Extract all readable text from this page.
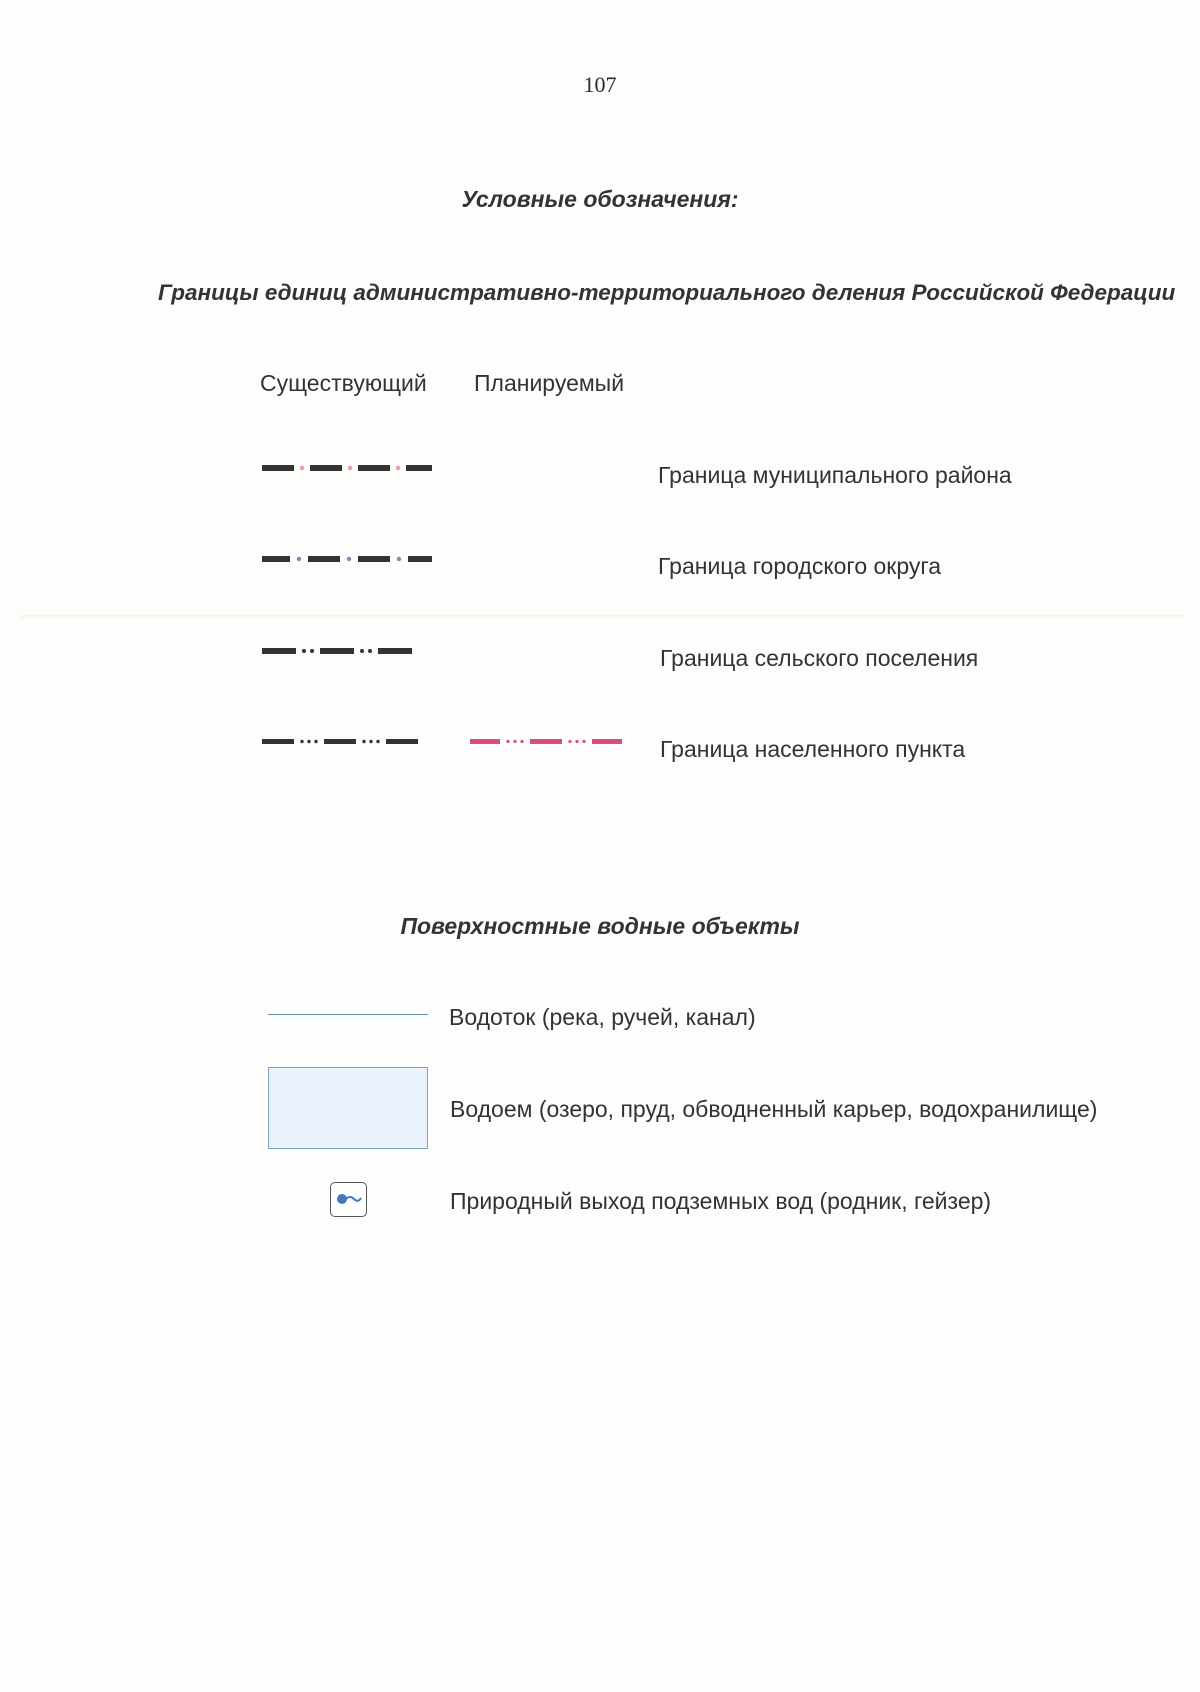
107
Условные обозначения:
Границы единиц административно-территориального деления Российской Федерации
Существующий Планируемый
Граница муниципального района
Граница городского округа
Граница сельского поселения
Граница населенного пункта
Поверхностные водные объекты
Водоток (река, ручей, канал)
Водоем (озеро, пруд, обводненный карьер, водохранилище)
Природный выход подземных вод (родник, гейзер)
